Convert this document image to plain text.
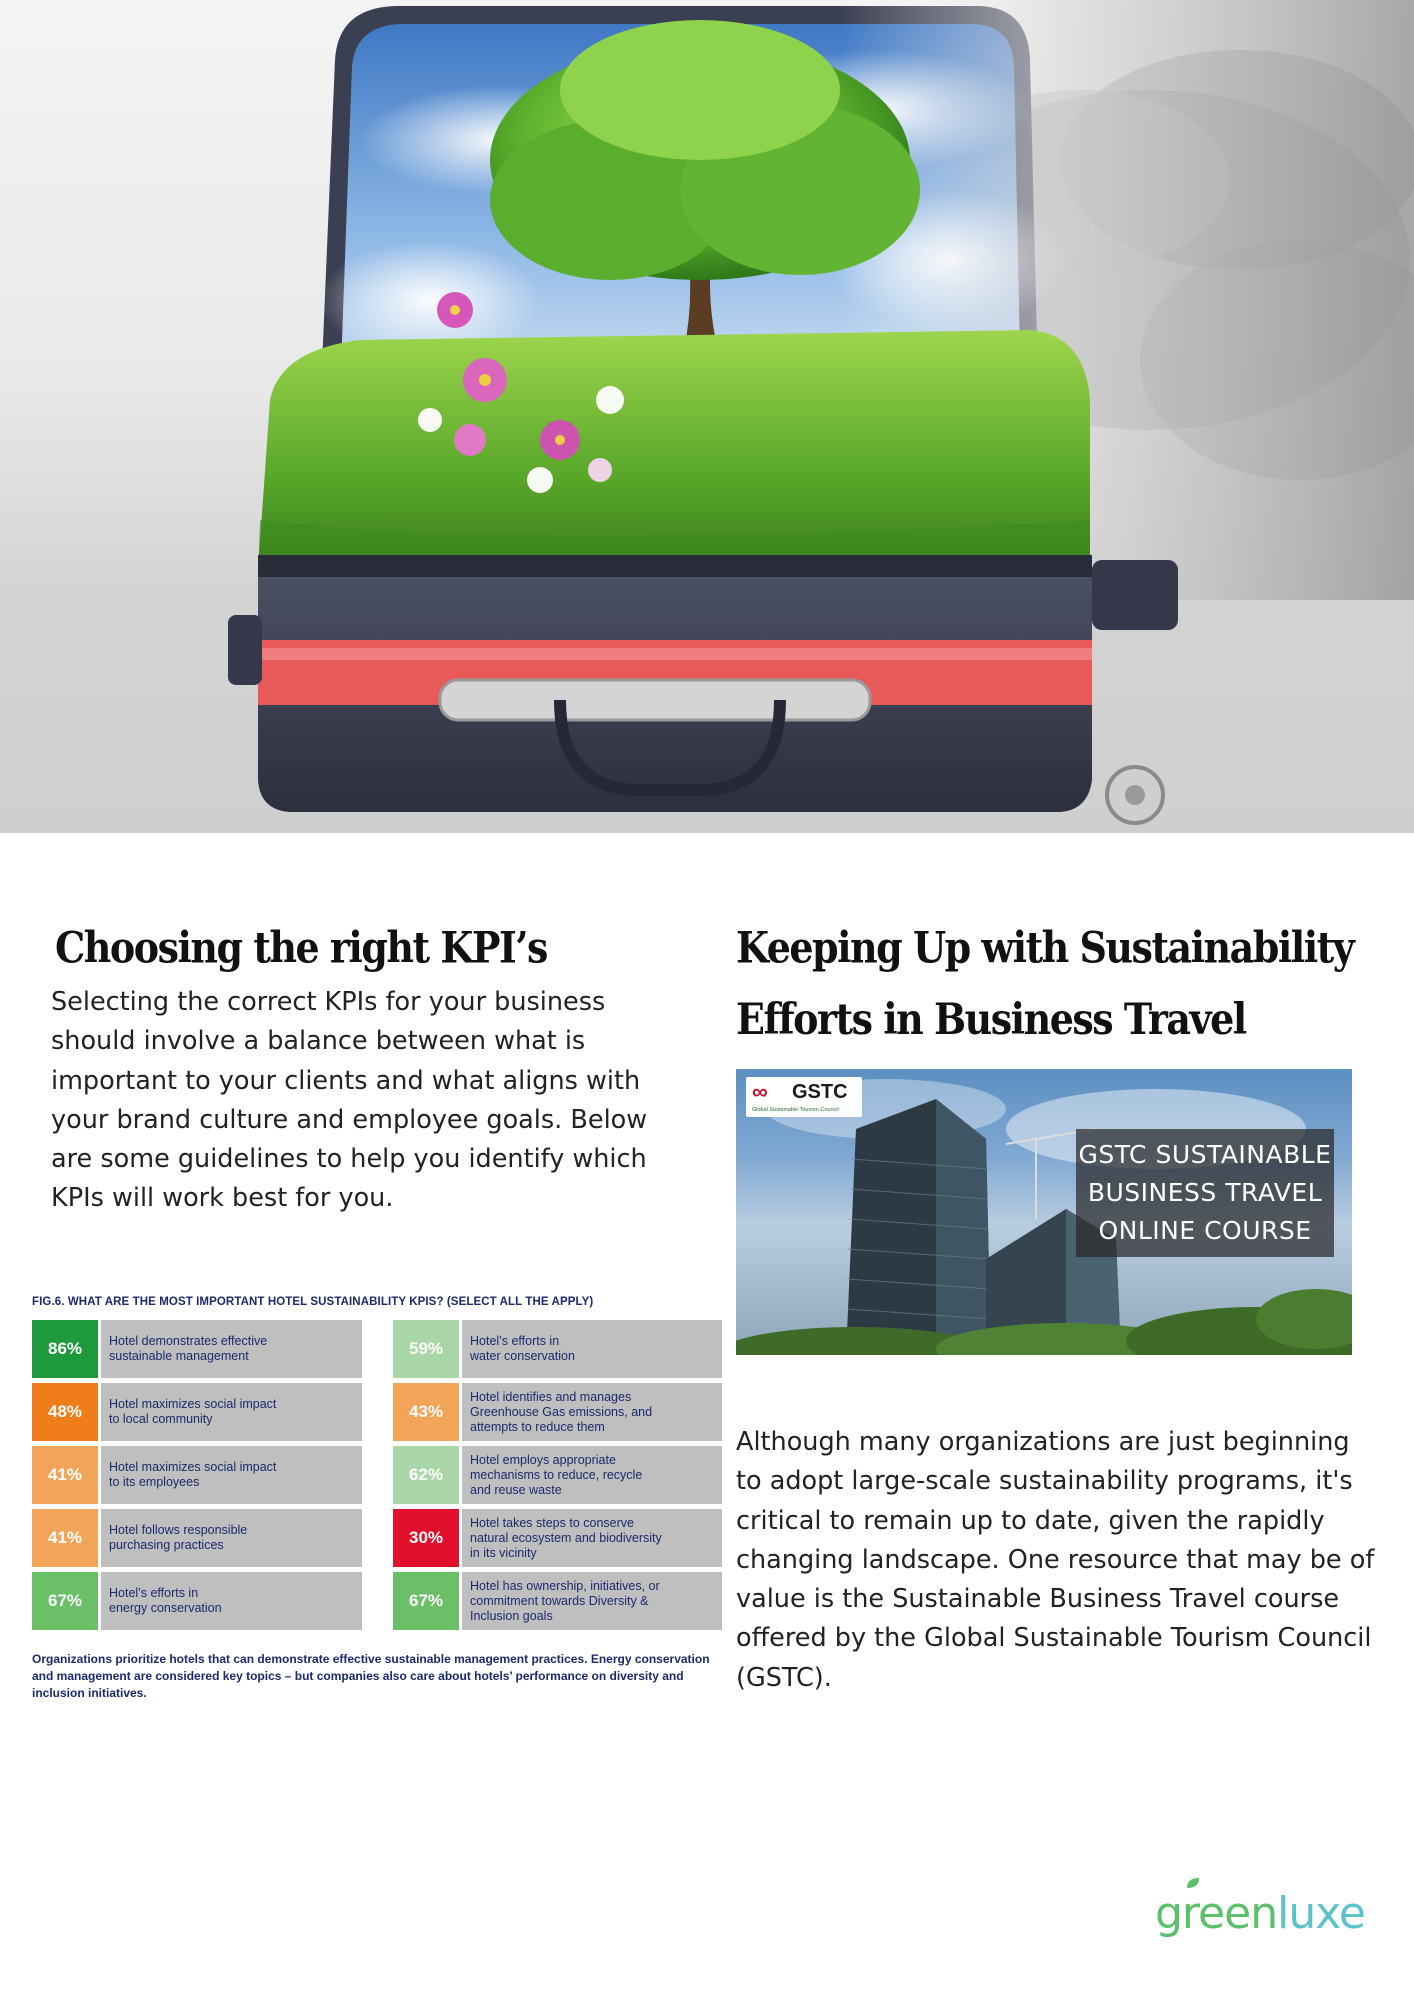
Choosing the right KPI’s

Selecting the correct KPIs for your business should involve a balance between what is important to your clients and what aligns with your brand culture and employee goals. Below are some guidelines to help you identify which KPIs will work best for you.

FIG.6. WHAT ARE THE MOST IMPORTANT HOTEL SUSTAINABILITY KPIS? (SELECT ALL THE APPLY)
86%	Hotel demonstrates effective
sustainable management
48%	Hotel maximizes social impact
to local community
41%	Hotel maximizes social impact
to its employees
41%	Hotel follows responsible
purchasing practices
67%	Hotel’s efforts in
energy conservation
59%	Hotel’s efforts in
water conservation
43%
Hotel identifies and manages
Greenhouse Gas emissions, and
attempts to reduce them
62%
Hotel employs appropriate
mechanisms to reduce, recycle
and reuse waste
30%
Hotel takes steps to conserve
natural ecosystem and biodiversity
in its vicinity
67%
Hotel has ownership, initiatives, or
commitment towards Diversity &
Inclusion goals
Organizations prioritize hotels that can demonstrate effective sustainable management practices. Energy conservation and management are considered key topics – but companies also care about hotels’ performance on diversity and inclusion initiatives.
Keeping Up with Sustainability Efforts in Business Travel
∞ GSTC
Global Sustainable Tourism Council
GSTC SUSTAINABLE
BUSINESS TRAVEL
ONLINE COURSE

Although many organizations are just beginning to adopt large-scale sustainability programs, it's critical to remain up to date, given the rapidly changing landscape. One resource that may be of value is the Sustainable Business Travel course offered by the Global Sustainable Tourism Council (GSTC).

greenluxe
